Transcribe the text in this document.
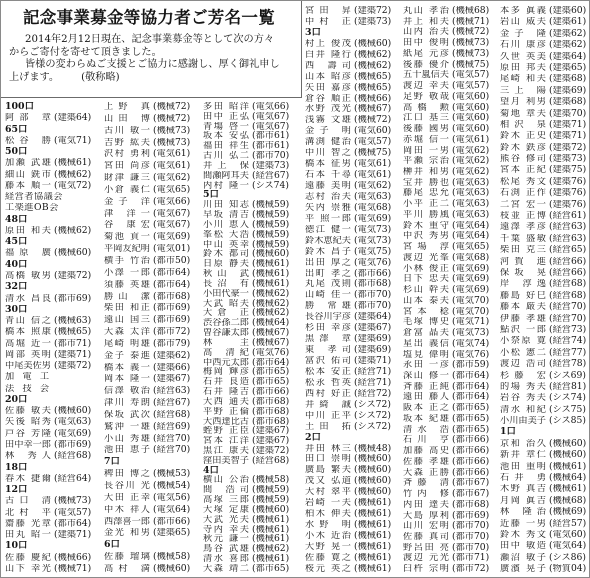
記念事業募金等協力者ご芳名一覧

2014年2月12日現在、記念事業募金等として次の方々

からご寄付を寄せて頂きました。

皆様の変わらぬご支援とご協力に感謝し、厚く御礼申し

上げます。 (敬称略)

100口
阿部 章 (建築64)
65口
松谷 勝 (電気71)
50口
加瀬 武雄 (機械61)
細山 銑市 (機械62)
藤本 順一 (電気72)
経営者協議会
工楽進OB会
48口
原田 和夫 (機械62)
45口
福原 廣 (機械60)
40口
高橋 敏男 (建築72)
32口
清水 昌良 (都市69)
30口
青山 信之 (機械63)
橋本 照康 (機械65)
高堀 近一 (都市71)
岡部 英明 (建築71)
中尾美佐男 (建築72)
加電工
法技会
20口
佐藤 敏夫 (機械60)
矢後 昭秀 (電気63)
戸谷 芳隆 (電気69)
田中幸一郎 (都市69)
林 秀人 (経営68)
18口
春木 捷爾 (経営64)
12口
古口 清 (機械73)
北村 平 (電気57)
齋藤 光章 (都市64)
田丸 昭一 (建築71)
10口
佐藤 慶紀 (機械66)
山下 幸光 (機械71)
上野 真 (機械72)
山田 博 (機械72)
古川 敏一 (機械73)
吉野 紘夫 (機械73)
沢村 勇利 (電気61)
宮田 尚彦 (電気61)
財津 謙三 (電気62)
小倉 義仁 (電気65)
金子 洋 (電気66)
津 洋一 (電気67)
谷 康宏 (電気67)
菊池 貢一 (電気69)
平岡友紀明 (電気01)
横手 竹治 (都市50)
小澤 一郎 (都市64)
須藤 英雄 (都市64)
勝山 潔 (都市68)
柴田 和正 (都市69)
遠山 国三 (都市69)
大森 太洋 (都市72)
尾崎 明雄 (都市79)
金子 泰進 (建築62)
橋本 義一 (建築66)
岡本 隆一 (建築67)
信澤 敬治 (経営63)
津川 寿朗 (経営67)
保坂 武次 (経営68)
鷲沖 一雄 (経営69)
小山 秀雄 (経営70)
池田 恵子 (経営70)
7口
稗田 博之 (機械53)
長谷川 光 (機械54)
大田 正幸 (電気56)
中木 祥人 (電気64)
西澤喜一郎 (都市66)
金光 和男 (建築65)
6口
佐藤 瑠璃 (機械58)
高村 満 (機械60)
多田 昭洋 (電気66)
田中 正弘 (電気67)
青塲 啓一 (電気67)
坂本 安弘 (都市61)
福田 祥生 (都市61)
古川 弘二 (都市70)
井上 保 (建築73)
間瀬阿耳夫 (経営67)
内村 隆一 (シス74)
5口
川田 知志 (機械59)
早坂 清吉 (機械59)
小川 恵入 (機械59)
峯松 大浩 (機械59)
中山 英幸 (機械59)
鈴木 都司 (機械60)
日原 静夫 (機械61)
秋山 武 (機械61)
長沼 有 (機械61)
小田代豪一 (機械62)
大武 昭夫 (機械62)
大倉 正 (機械62)
渋谷孫二郎 (機械64)
曽谷謙太郎 (機械67)
林 主 (機械67)
高 清紀 (電気76)
中西元太郎 (都市64)
梅岡 輝彦 (都市65)
石井 良造 (都市65)
石井 隆吉 (都市66)
大西 通夫 (都市68)
平野 正倫 (都市68)
大西達比古 (都市68)
蛭野 正臣 (建築67)
宮本 江洋 (建築67)
黒江 康夫 (建築72)
窪田美智子 (経営68)
4口
横山 公治 (機械58)
間 浩司 (機械59)
高塚 三郎 (機械59)
大塚 定康 (機械60)
大武 光夫 (機械61)
寺内 幸夫 (機械61)
秋元 謙一 (機械61)
鳥谷 武雄 (機械62)
清水 喜郎 (機械61)
大森 靖二 (都市65)
宮田 昇 (建築72)
中村 正 (建築73)
3口
村上 俊茂 (機械60)
白井 隆行 (機械62)
西 壽司 (機械62)
山本 昭彦 (機械65)
矢田 嘉彦 (機械65)
倉谷 順正 (機械66)
水野 茂光 (機械67)
浅霧 文雄 (機械72)
金子 明 (電気60)
溝渕 健治 (電気57)
中川 智之 (機械75)
橋本 征男 (電気61)
石本 千尋 (電気61)
遠藤 美明 (電気62)
志村 治夫 (電気63)
矢内 崇雅 (電気68)
平 照一郎 (電気69)
徳江 健一 (電気73)
鈴木恵紀夫 (電気73)
鈴木 昌子 (電気75)
出田 厚之 (電気76)
出町 孝之 (都市66)
丸尾 茂則 (都市68)
山崎 佳一 (都市70)
勝 常雄 (都市70)
長谷川宇彦 (建築64)
杉田 幸彦 (建築67)
黒澤 章 (建築69)
東 孝司 (建築69)
富沢 佑司 (建築71)
松本 安正 (経営71)
松永 哲英 (経営71)
西村 好正 (経営72)
井綺 誠 (シス72)
中川 正平 (シス72)
土田 拓 (シス72)
2口
井田 林三 (機械48)
田口 崇明 (機械60)
廣島 繁夫 (機械60)
茂又 弘道 (機械60)
大村 翠平 (機械60)
岩崎 一夫 (機械61)
柏木 伸夫 (機械61)
水野 明 (機械61)
小木 近治 (機械61)
大野 晃一 (機械61)
佐藤 寛之 (機械61)
桜元 英之 (機械61)
丸山 孝治 (機械68)
井上 和夫 (機械71)
山内 治夫 (機械72)
田中 俊明 (機械73)
紙尾 元彦 (機械73)
後藤 優介 (機械75)
五十嵐信夫 (電気57)
渡辺 幸夫 (電気57)
足野 敬哉 (電気60)
高橋 勲 (電気60)
江口 基三 (電気60)
後藤 國男 (電気60)
赤堀 信一 (電気61)
岡田 一男 (電気62)
平瀬 宗治 (電気62)
榊井 和男 (電気62)
宝井 勝也 (電気63)
藤尾 忠允 (電気63)
小平 正二 (電気63)
平川 勝風 (電気63)
鈴木 重守 (電気64)
中沢 秀男 (電気64)
宮場 淳 (電気65)
渡辺 光峯 (電気68)
小林 俊正 (電気69)
日下 忠夫 (電気69)
杉山 幹夫 (電気69)
山本 泰夫 (電気70)
宮本 稔 (電気70)
毛塚 博史 (電気71)
倉富 晶夫 (電気73)
星出 義信 (電気74)
塩見 偉明 (電気76)
永田 一彦 (都市59)
深山 修一 (都市64)
斉藤 正純 (都市64)
遠田 藤人 (都市64)
阪本 正之 (都市65)
坂本 紀雄 (都市65)
清水 浩 (都市65)
石川 亨 (都市66)
加藤 高史 (都市66)
佐藤 孝雄 (都市66)
大森 正勝 (都市66)
斉藤 清 (都市67)
竹内 修 (都市67)
内田 達夫 (都市68)
大島 厚利 (都市69)
山川 宏明 (都市70)
佐藤 真司 (都市70)
野呂田 亮 (都市70)
渡辺 元光 (都市71)
臼杵 宗明 (都市72)
本多 眞義 (建築60)
岩山 威夫 (建築61)
金子 隆 (建築62)
石川 康彦 (建築62)
久世 英美 (建築64)
原田 邦夫 (建築65)
尾崎 和夫 (建築68)
三上 陽 (建築69)
望月 利男 (建築68)
菊地 章夫 (建築70)
相沢 泉 (建築71)
鈴木 正史 (建築71)
鈴木 鉄彦 (建築72)
熊谷 修司 (建築73)
宮本 正紀 (建築75)
松尾 秀文 (建築76)
石渕 正作 (建築76)
二宮 宏一 (建築76)
枝並 正博 (経営61)
遠澤 孝彦 (経営63)
千葉 盛敏 (経営63)
柴田 克三 (経営65)
河賀 進 (経営66)
保坂 晃 (経営66)
岸 淳逸 (経営68)
藤島 好巳 (経営68)
藤本 厳夫 (経営70)
伊藤 孝雄 (経営70)
鮎沢 一郎 (経営73)
小祭原 寛 (経営74)
小松 憲二 (経営77)
渡辺 浩司 (経営78)
杉藤 宏 (シス69)
的場 秀夫 (経営81)
岩谷 秀夫 (シス74)
清水 和紀 (シス75)
小川由美子 (シス85)
1口
京和 治久 (機械60)
新井 章仁 (機械60)
池田 重明 (機械61)
石井 勇 (機械64)
木野 真吉 (機械61)
月岡 眞吉 (機械68)
林 隆治 (機械69)
近藤 一男 (経営57)
鈴木 秀文 (電気60)
田中 敏造 (電気64)
瀬沼 敏子 (シス86)
廣濱 晃子 (物質04)
